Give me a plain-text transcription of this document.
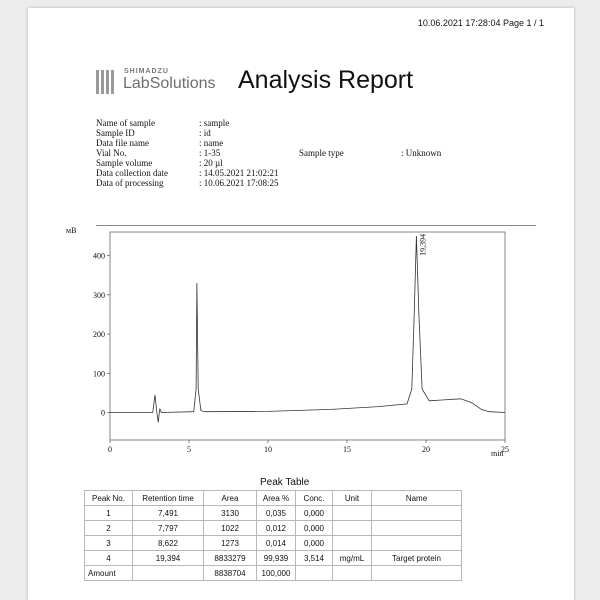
10.06.2021 17:28:04 Page 1 / 1
SHIMADZU
LabSolutions Analysis Report
Name of sample	: sample
Sample ID	: id
Data file name	: name
Vial No.	: 1-35	Sample type	: Unknown
Sample volume	: 20 µl
Data collection date	: 14.05.2021 21:02:21
Data of processing	: 10.06.2021 17:08:25
мВ
0
100
200
300
400
0	5	10	15	20	25
19,394
min
Peak Table
Peak No.	Retention time	Area	Area %	Conc.	Unit	Name
1	7,491	3130	0,035	0,000		
2	7,797	1022	0,012	0,000		
3	8,622	1273	0,014	0,000		
4	19,394	8833279	99,939	3,514	mg/mL	Target protein
Amount		8838704	100,000			
